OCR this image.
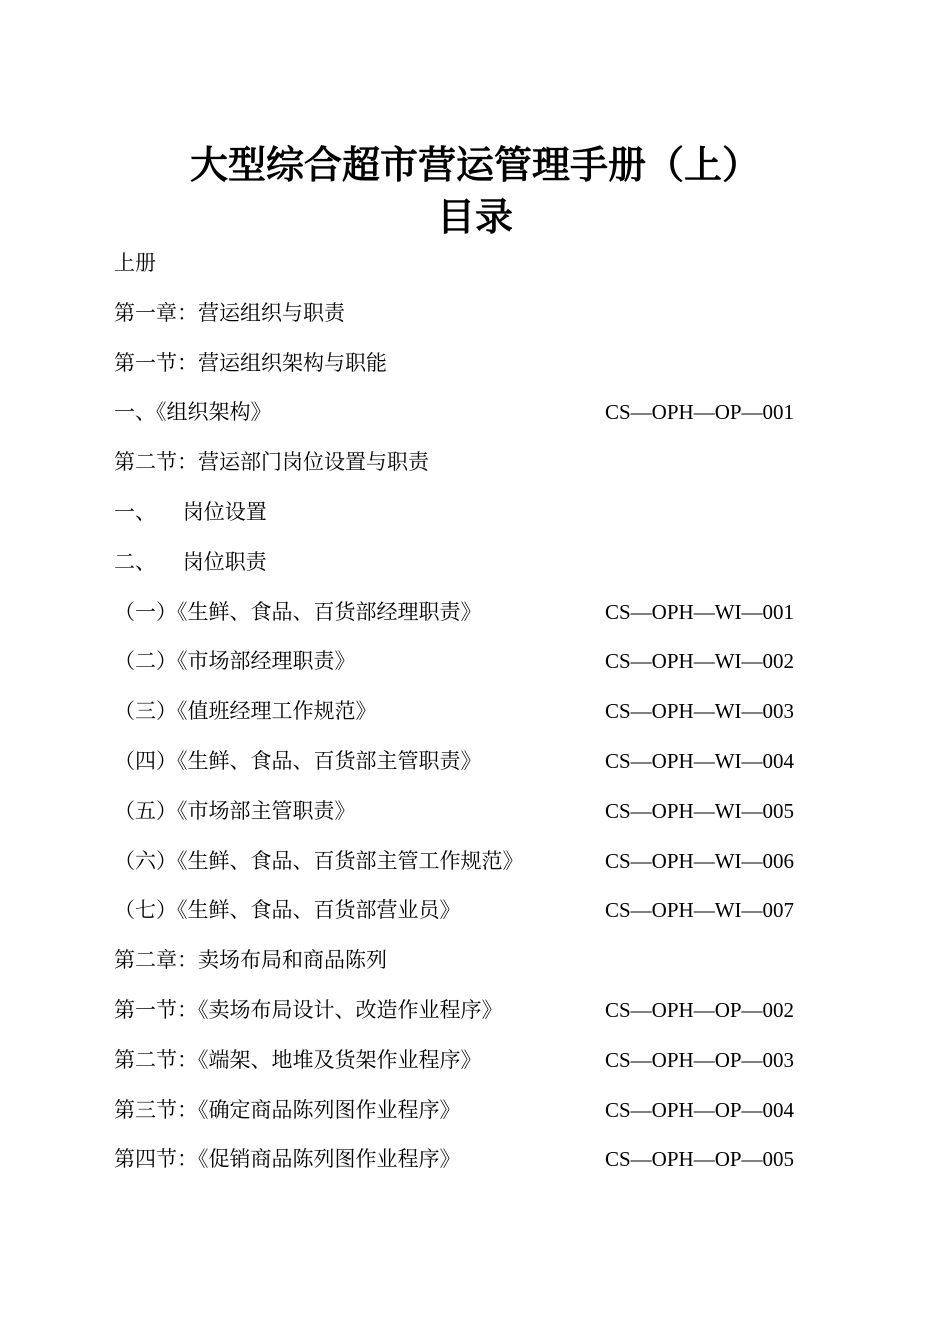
大型综合超市营运管理手册（上）
目录
上册
第一章：营运组织与职责
第一节：营运组织架构与职能
一、《组织架构》	CS—OPH—OP—001
第二节：营运部门岗位设置与职责
一、    岗位设置
二、    岗位职责
（一）《生鲜、食品、百货部经理职责》	CS—OPH—WI—001
（二）《市场部经理职责》	CS—OPH—WI—002
（三）《值班经理工作规范》	CS—OPH—WI—003
（四）《生鲜、食品、百货部主管职责》	CS—OPH—WI—004
（五）《市场部主管职责》	CS—OPH—WI—005
（六）《生鲜、食品、百货部主管工作规范》	CS—OPH—WI—006
（七）《生鲜、食品、百货部营业员》	CS—OPH—WI—007
第二章：卖场布局和商品陈列
第一节：《卖场布局设计、改造作业程序》	CS—OPH—OP—002
第二节：《端架、地堆及货架作业程序》	CS—OPH—OP—003
第三节：《确定商品陈列图作业程序》	CS—OPH—OP—004
第四节：《促销商品陈列图作业程序》	CS—OPH—OP—005
